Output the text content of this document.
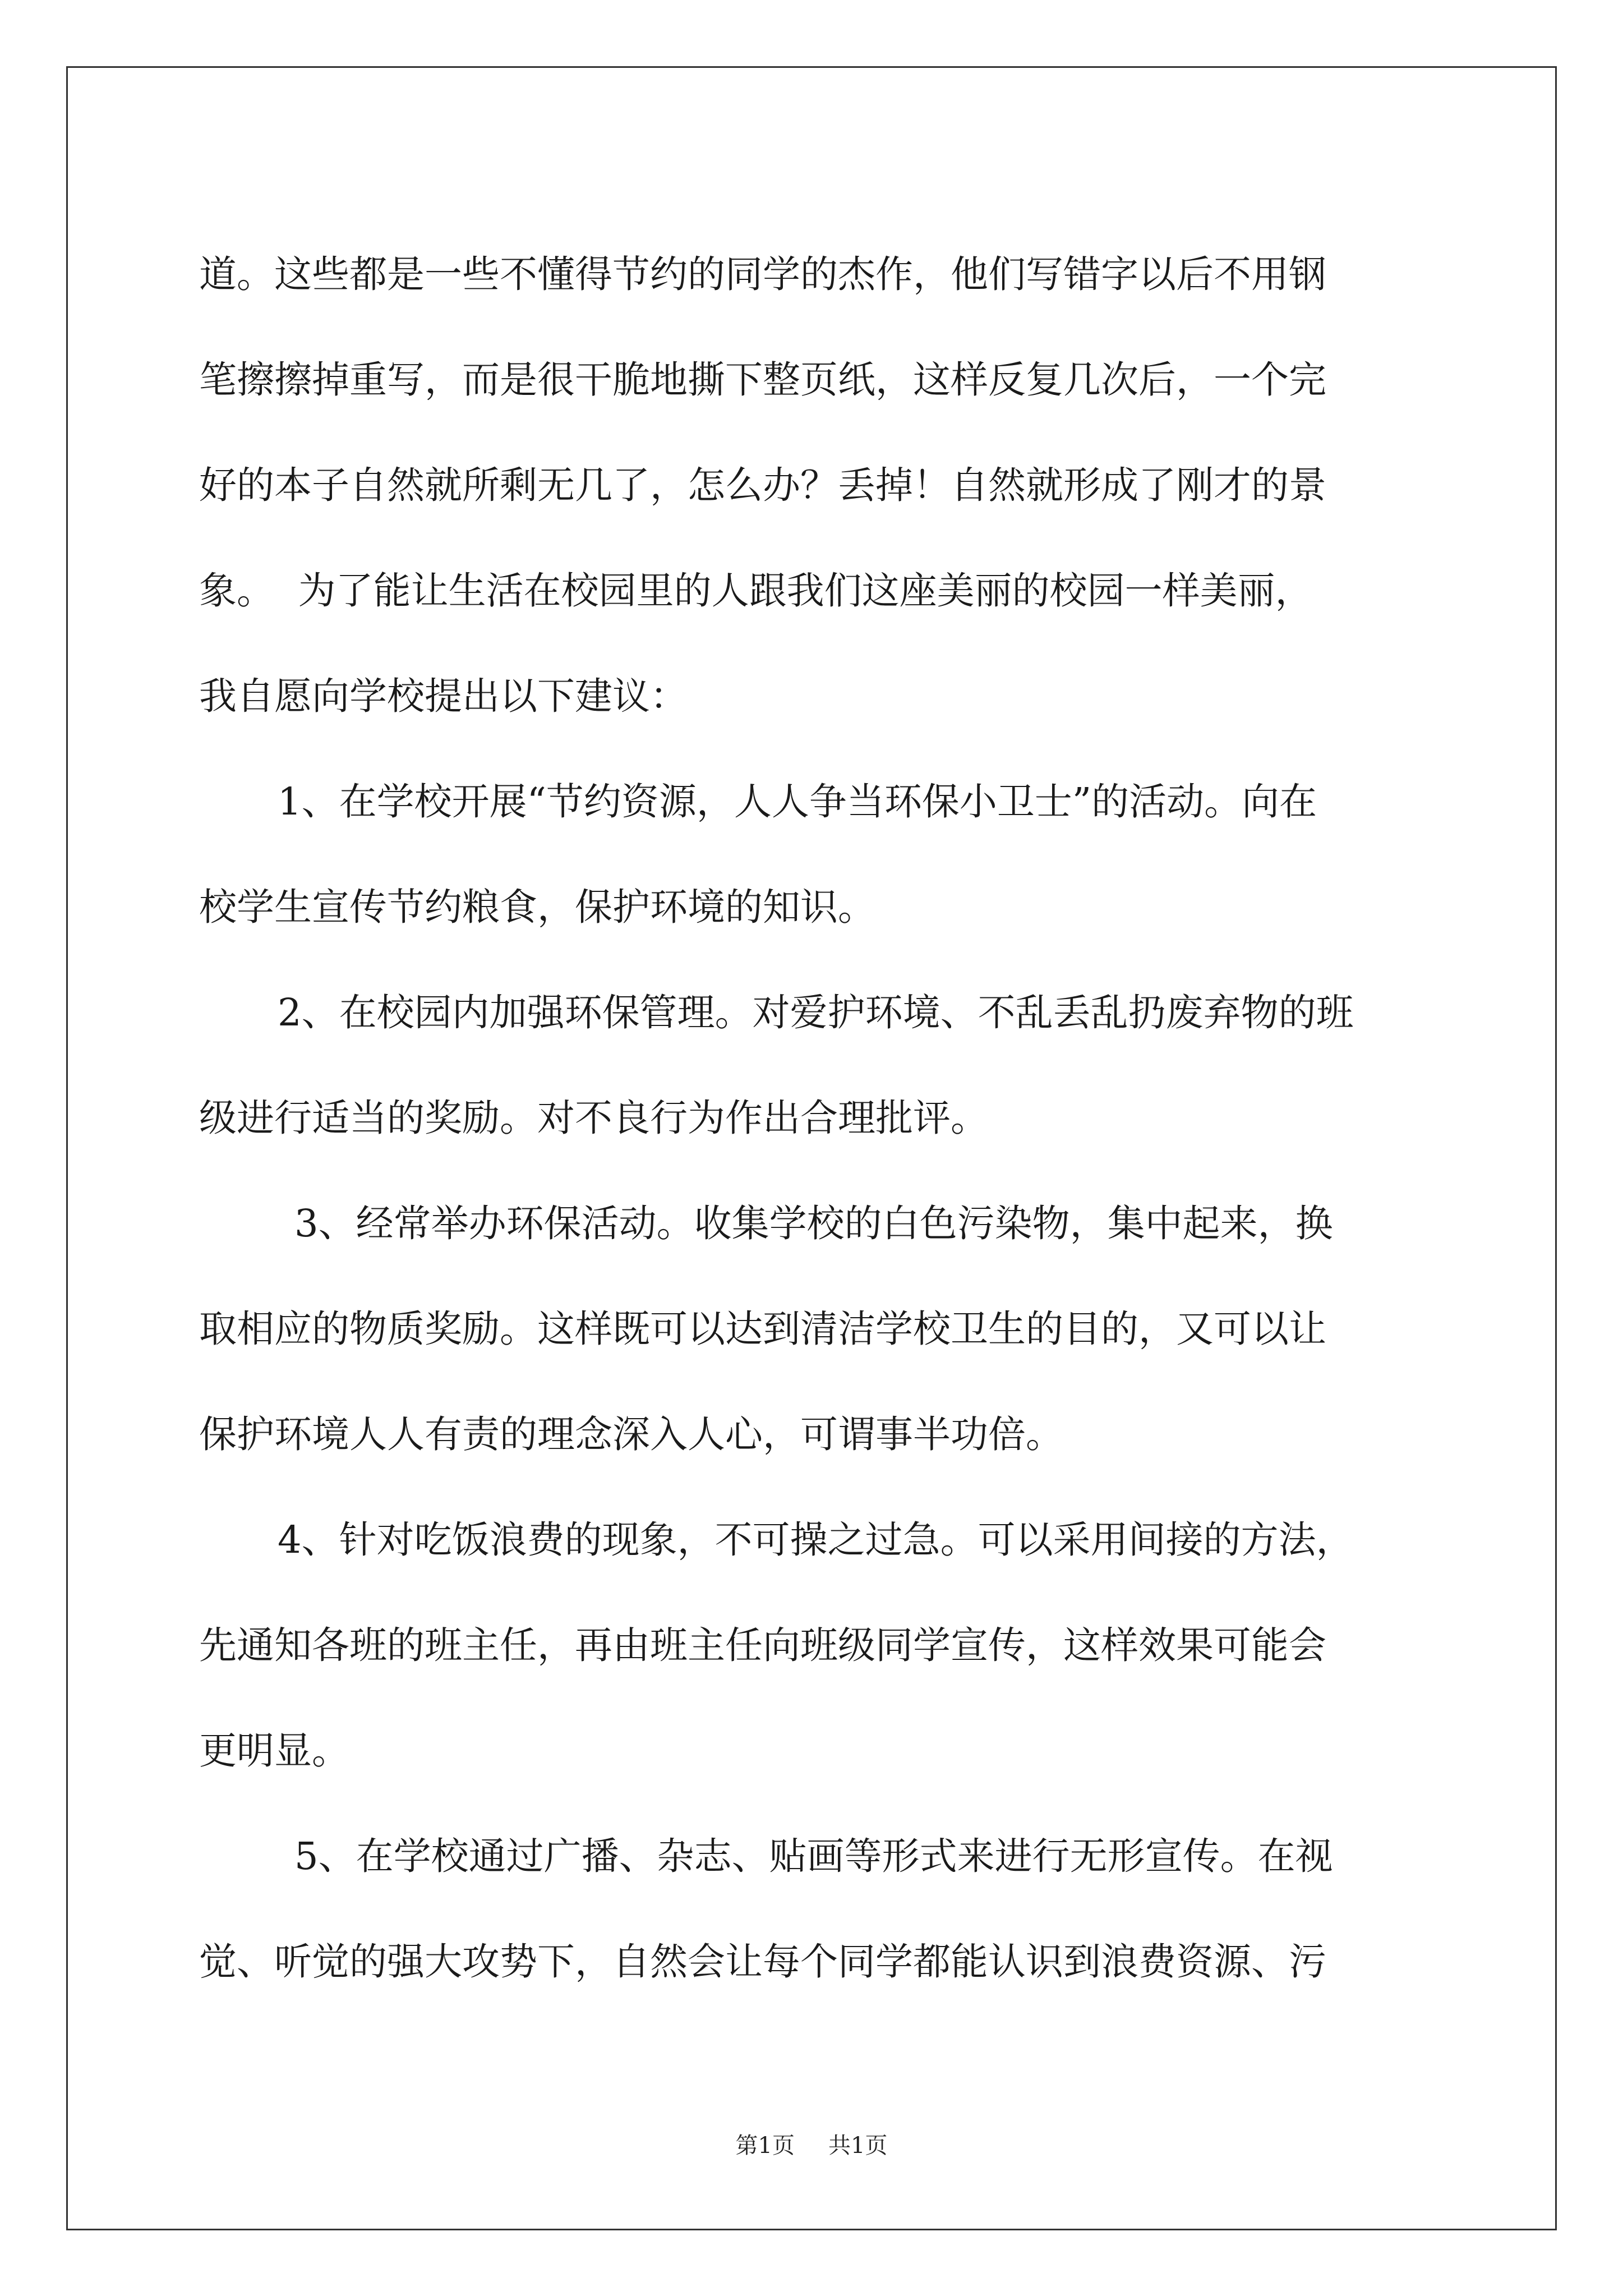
道。这些都是一些不懂得节约的同学的杰作，他们写错字以后不用钢

笔擦擦掉重写，而是很干脆地撕下整页纸，这样反复几次后，一个完

好的本子自然就所剩无几了，怎么办？丢掉！自然就形成了刚才的景

象。  为了能让生活在校园里的人跟我们这座美丽的校园一样美丽，

我自愿向学校提出以下建议：

1、在学校开展“节约资源，人人争当环保小卫士”的活动。向在

校学生宣传节约粮食，保护环境的知识。

2、在校园内加强环保管理。对爱护环境、不乱丢乱扔废弃物的班

级进行适当的奖励。对不良行为作出合理批评。

3、经常举办环保活动。收集学校的白色污染物，集中起来，换

取相应的物质奖励。这样既可以达到清洁学校卫生的目的，又可以让

保护环境人人有责的理念深入人心，可谓事半功倍。

4、针对吃饭浪费的现象，不可操之过急。可以采用间接的方法，

先通知各班的班主任，再由班主任向班级同学宣传，这样效果可能会

更明显。

5、在学校通过广播、杂志、贴画等形式来进行无形宣传。在视

觉、听觉的强大攻势下，自然会让每个同学都能认识到浪费资源、污

第1页 共1页
